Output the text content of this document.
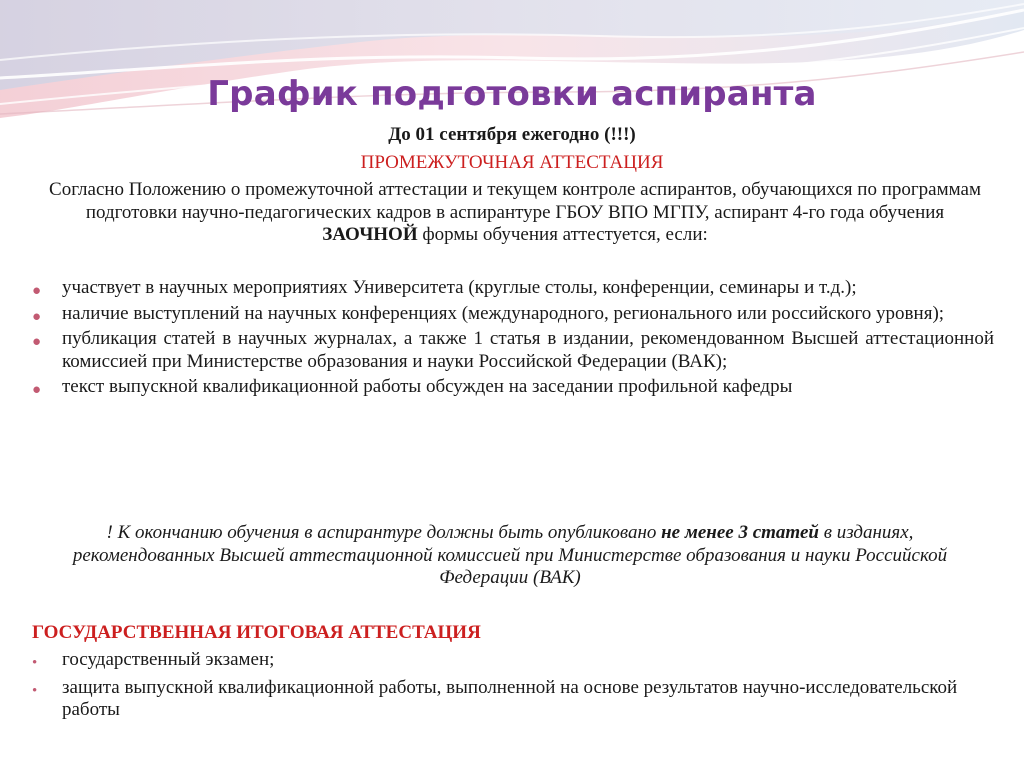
График подготовки аспиранта
До 01 сентября ежегодно (!!!)
ПРОМЕЖУТОЧНАЯ АТТЕСТАЦИЯ
Согласно Положению о промежуточной аттестации и текущем контроле аспирантов, обучающихся по программам подготовки научно-педагогических кадров в аспирантуре ГБОУ ВПО МГПУ, аспирант 4-го года обучения ЗАОЧНОЙ формы обучения аттестуется, если:
● участвует в научных мероприятиях Университета (круглые столы, конференции, семинары и т.д.);
● наличие выступлений на научных конференциях (международного, регионального или российского уровня);
● публикация статей в научных журналах, а также 1 статья в издании, рекомендованном Высшей аттестационной комиссией при Министерстве образования и науки Российской Федерации (ВАК);
● текст выпускной квалификационной работы обсужден на заседании профильной кафедры
! К окончанию обучения в аспирантуре должны быть опубликовано не менее 3 статей в изданиях, рекомендованных Высшей аттестационной комиссией при Министерстве образования и науки Российской Федерации (ВАК)
ГОСУДАРСТВЕННАЯ ИТОГОВАЯ АТТЕСТАЦИЯ
• государственный экзамен;
• защита выпускной квалификационной работы, выполненной на основе результатов научно-исследовательской работы
